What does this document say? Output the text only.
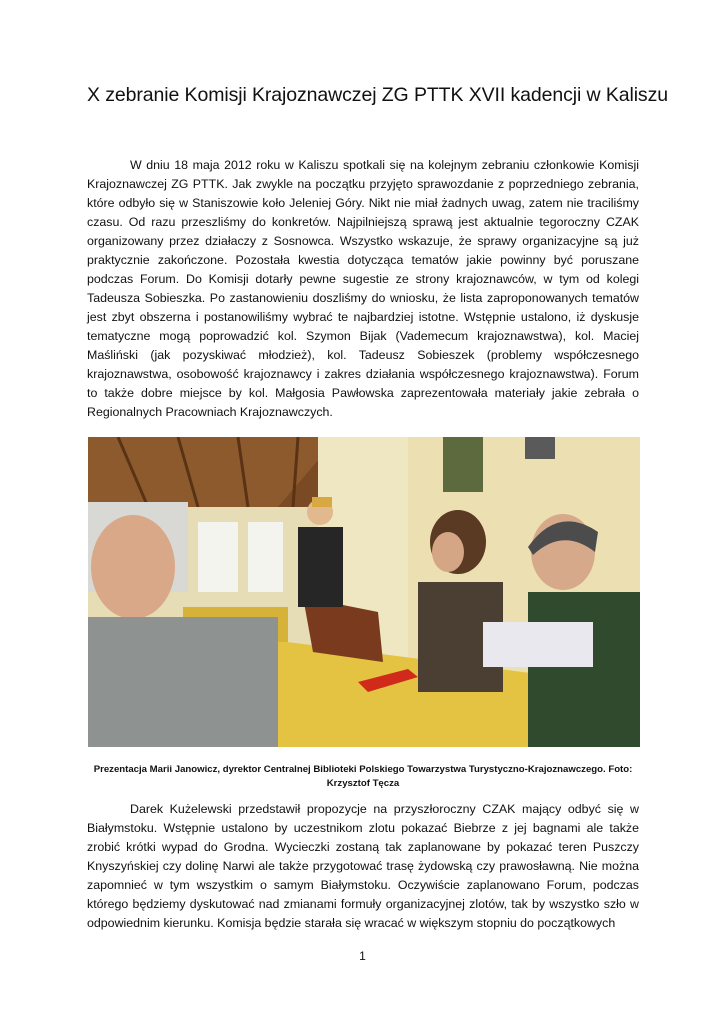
X zebranie Komisji Krajoznawczej ZG PTTK XVII kadencji w Kaliszu

W dniu 18 maja 2012 roku w Kaliszu spotkali się na kolejnym zebraniu członkowie Komisji Krajoznawczej ZG PTTK. Jak zwykle na początku przyjęto sprawozdanie z poprzedniego zebrania, które odbyło się w Staniszowie koło Jeleniej Góry. Nikt nie miał żadnych uwag, zatem nie traciliśmy czasu. Od razu przeszliśmy do konkretów. Najpilniejszą sprawą jest aktualnie tegoroczny CZAK organizowany przez działaczy z Sosnowca. Wszystko wskazuje, że sprawy organizacyjne są już praktycznie zakończone. Pozostała kwestia dotycząca tematów jakie powinny być poruszane podczas Forum. Do Komisji dotarły pewne sugestie ze strony krajoznawców, w tym od kolegi Tadeusza Sobieszka. Po zastanowieniu doszliśmy do wniosku, że lista zaproponowanych tematów jest zbyt obszerna i postanowiliśmy wybrać te najbardziej istotne. Wstępnie ustalono, iż dyskusje tematyczne mogą poprowadzić kol. Szymon Bijak (Vademecum krajoznawstwa), kol. Maciej Maśliński (jak pozyskiwać młodzież), kol. Tadeusz Sobieszek (problemy współczesnego krajoznawstwa, osobowość krajoznawcy i zakres działania współczesnego krajoznawstwa). Forum to także dobre miejsce by kol. Małgosia Pawłowska zaprezentowała materiały jakie zebrała o Regionalnych Pracowniach Krajoznawczych.

Prezentacja Marii Janowicz, dyrektor Centralnej Biblioteki Polskiego Towarzystwa Turystyczno-Krajoznawczego. Foto: Krzysztof Tęcza

Darek Kużelewski przedstawił propozycje na przyszłoroczny CZAK mający odbyć się w Białymstoku. Wstępnie ustalono by uczestnikom zlotu pokazać Biebrze z jej bagnami ale także zrobić krótki wypad do Grodna. Wycieczki zostaną tak zaplanowane by pokazać teren Puszczy Knyszyńskiej czy dolinę Narwi ale także przygotować trasę żydowską czy prawosławną. Nie można zapomnieć w tym wszystkim o samym Białymstoku. Oczywiście zaplanowano Forum, podczas którego będziemy dyskutować nad zmianami formuły organizacyjnej zlotów, tak by wszystko szło w odpowiednim kierunku. Komisja będzie starała się wracać w większym stopniu do początkowych

1
